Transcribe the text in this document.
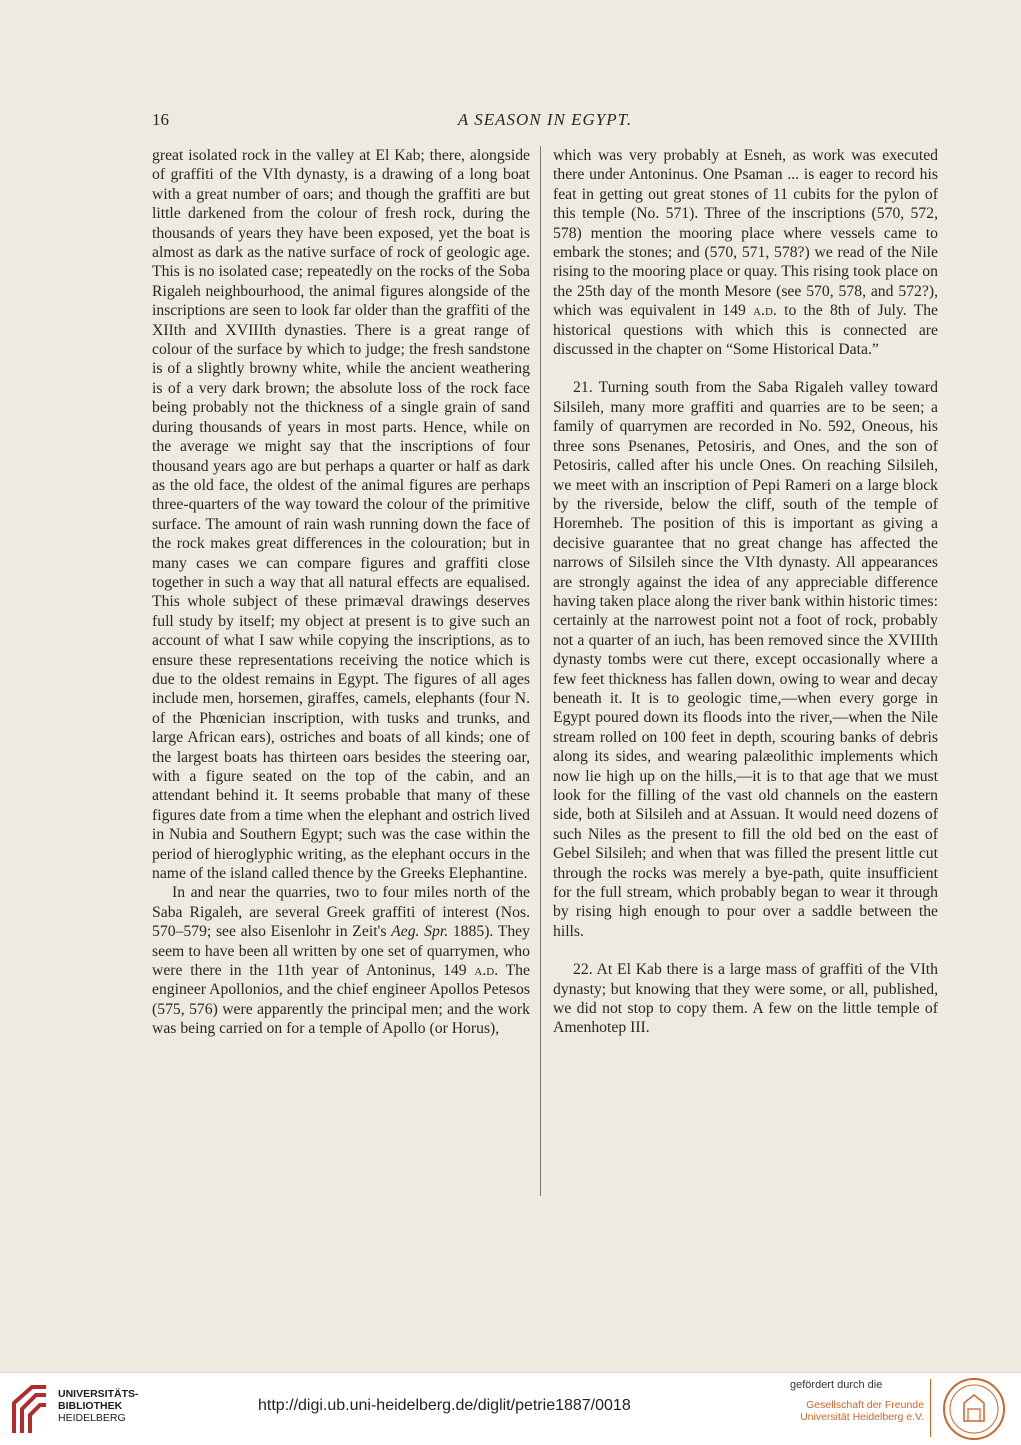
16	A SEASON IN EGYPT.

great isolated rock in the valley at El Kab; there, alongside of graffiti of the VIth dynasty, is a drawing of a long boat with a great number of oars; and though the graffiti are but little darkened from the colour of fresh rock, during the thousands of years they have been exposed, yet the boat is almost as dark as the native surface of rock of geologic age. This is no isolated case; repeatedly on the rocks of the Soba Rigaleh neighbourhood, the animal figures alongside of the inscriptions are seen to look far older than the graffiti of the XIIth and XVIIIth dynasties. There is a great range of colour of the surface by which to judge; the fresh sandstone is of a slightly browny white, while the ancient weathering is of a very dark brown; the absolute loss of the rock face being probably not the thickness of a single grain of sand during thousands of years in most parts. Hence, while on the average we might say that the inscriptions of four thousand years ago are but perhaps a quarter or half as dark as the old face, the oldest of the animal figures are perhaps three-quarters of the way toward the colour of the primitive surface. The amount of rain wash running down the face of the rock makes great differences in the colouration; but in many cases we can compare figures and graffiti close together in such a way that all natural effects are equalised. This whole subject of these primæval drawings deserves full study by itself; my object at present is to give such an account of what I saw while copying the inscriptions, as to ensure these representations receiving the notice which is due to the oldest remains in Egypt. The figures of all ages include men, horsemen, giraffes, camels, elephants (four N. of the Phœnician inscription, with tusks and trunks, and large African ears), ostriches and boats of all kinds; one of the largest boats has thirteen oars besides the steering oar, with a figure seated on the top of the cabin, and an attendant behind it. It seems probable that many of these figures date from a time when the elephant and ostrich lived in Nubia and Southern Egypt; such was the case within the period of hieroglyphic writing, as the elephant occurs in the name of the island called thence by the Greeks Elephantine.

In and near the quarries, two to four miles north of the Saba Rigaleh, are several Greek graffiti of interest (Nos. 570–579; see also Eisenlohr in Zeit's Aeg. Spr. 1885). They seem to have been all written by one set of quarrymen, who were there in the 11th year of Antoninus, 149 a.d. The engineer Apollonios, and the chief engineer Apollos Petesos (575, 576) were apparently the principal men; and the work was being carried on for a temple of Apollo (or Horus),

which was very probably at Esneh, as work was executed there under Antoninus. One Psaman ... is eager to record his feat in getting out great stones of 11 cubits for the pylon of this temple (No. 571). Three of the inscriptions (570, 572, 578) mention the mooring place where vessels came to embark the stones; and (570, 571, 578?) we read of the Nile rising to the mooring place or quay. This rising took place on the 25th day of the month Mesore (see 570, 578, and 572?), which was equivalent in 149 a.d. to the 8th of July. The historical questions with which this is connected are discussed in the chapter on “Some Historical Data.”

21. Turning south from the Saba Rigaleh valley toward Silsileh, many more graffiti and quarries are to be seen; a family of quarrymen are recorded in No. 592, Oneous, his three sons Psenanes, Petosiris, and Ones, and the son of Petosiris, called after his uncle Ones. On reaching Silsileh, we meet with an inscription of Pepi Rameri on a large block by the riverside, below the cliff, south of the temple of Horemheb. The position of this is important as giving a decisive guarantee that no great change has affected the narrows of Silsileh since the VIth dynasty. All appearances are strongly against the idea of any appreciable difference having taken place along the river bank within historic times: certainly at the narrowest point not a foot of rock, probably not a quarter of an iuch, has been removed since the XVIIIth dynasty tombs were cut there, except occasionally where a few feet thickness has fallen down, owing to wear and decay beneath it. It is to geologic time,—when every gorge in Egypt poured down its floods into the river,—when the Nile stream rolled on 100 feet in depth, scouring banks of debris along its sides, and wearing palæolithic implements which now lie high up on the hills,—it is to that age that we must look for the filling of the vast old channels on the eastern side, both at Silsileh and at Assuan. It would need dozens of such Niles as the present to fill the old bed on the east of Gebel Silsileh; and when that was filled the present little cut through the rocks was merely a bye-path, quite insufficient for the full stream, which probably began to wear it through by rising high enough to pour over a saddle between the hills.

22. At El Kab there is a large mass of graffiti of the VIth dynasty; but knowing that they were some, or all, published, we did not stop to copy them. A few on the little temple of Amenhotep III.

UNIVERSITÄTS-
BIBLIOTHEK
HEIDELBERG
http://digi.ub.uni-heidelberg.de/diglit/petrie1887/0018
gefördert durch die
Gesellschaft der Freunde
Universität Heidelberg e.V.
